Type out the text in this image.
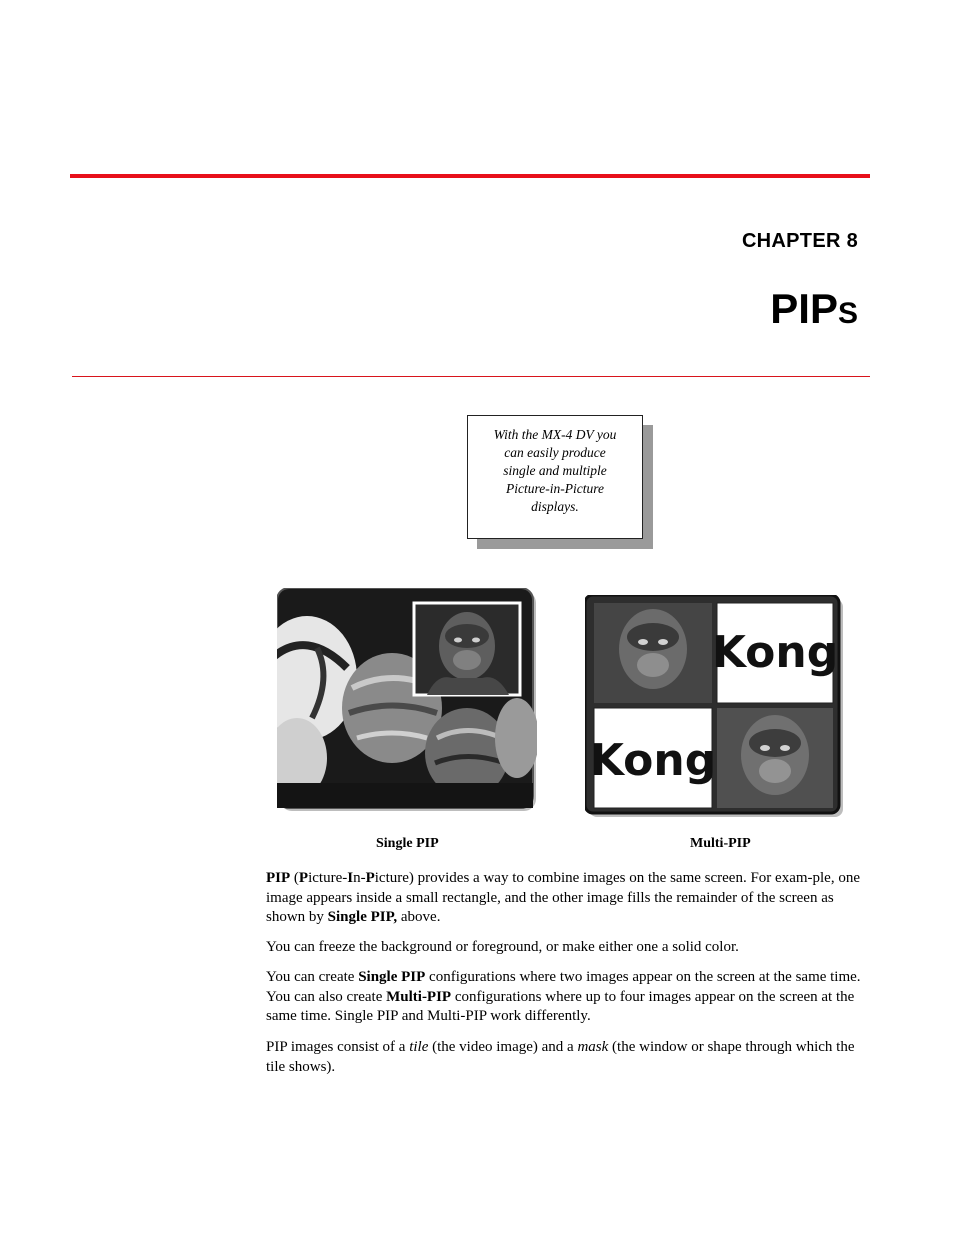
CHAPTER 8
PIPS
With the MX-4 DV you
can easily produce
single and multiple
Picture-in-Picture
displays.
Kong
Kong
Single PIP	Multi-PIP

PIP (Picture-In-Picture) provides a way to combine images on the same screen. For exam-ple, one image appears inside a small rectangle, and the other image fills the remainder of the screen as shown by Single PIP, above.

You can freeze the background or foreground, or make either one a solid color.

You can create Single PIP configurations where two images appear on the screen at the same time. You can also create Multi-PIP configurations where up to four images appear on the screen at the same time. Single PIP and Multi-PIP work differently.

PIP images consist of a tile (the video image) and a mask (the window or shape through which the tile shows).
